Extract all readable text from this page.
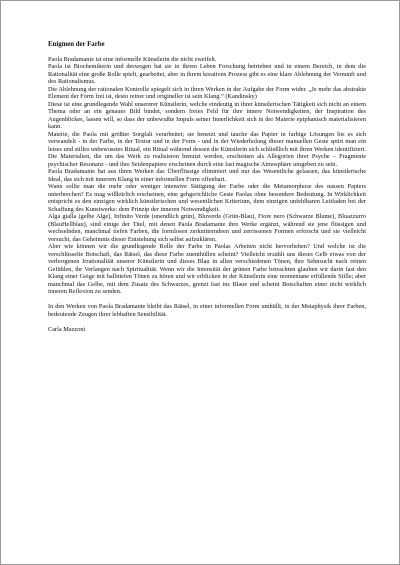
Enigmen der Farbe

Paola Bradamante ist eine informelle Künstlerin die nicht zweifelt.

Paola ist Biochemikerin und deswegen hat sie in ihrem Leben Forschung betrieben und in einem Bereich, in dem die Rationalität eine große Rolle spielt, gearbeitet, aber in ihrem kreativen Prozess gibt es eine klare Ablehnung der Vernunft und des Rationalismus.

Die Ablehnung der rationalen Kontrolle spiegelt sich in ihren Werken in der Aufgabe der Form wider. „Je mehr das abstrakte Element der Form frei ist, desto reiner und origineller ist sein Klang.” (Kandinsky)

Diese ist eine grundlegende Wahl unsererer Künstlerin, welche eindeutig in ihrer künstlerischen Tätigkeit sich nicht an einem Thema oder an ein genaues Bild bindet, sondern freies Feld für ihre innere Notwendigkeiten, der Inspiration des Augenblickes, lassen will, so dass der unbewußte Impuls seiner Innerlichkeit sich in der Materie epiphanisch materialisieren kann.

Materie, die Paola mit größter Sorgfalt verarbeitet; sie benetzt und tauche das Papier in farbige Lösungen bis es sich verwandelt - in der Farbe, in der Textur und in der Form - und in der Wiederholung dieser manuellen Geste spürt man ein leises und stilles unbewusstes Ritual, ein Ritual während dessen die Künstlerin sich schließlich mit ihren Werken identifiziert. Die Materialien, die um das Werk zu realisieren benutzt werden, erscheinen als Allegorien ihrer Psyche – Fragmente psychischer Resonanz - und ihre Seidenpapiere erscheinen durch eine fast magische Atmosphäre umgeben zu sein.

Paola Bradamante hat aus ihren Werken das Überflüssige eliminiert und nur das Wesentliche gelassen, das künstlerische Ideal, das sich mit innerem Klang in einer informellen Form offenbart.

Wann sollte man die mehr oder weniger intensive Sättigung der Farbe oder die Metamorphose des nassen Papiers unterbrechen? Es mag willkürlich erscheinen, eine gehgerichliche Geste Paolas ohne besondere Bedeutung. In Wirklichkeit entspricht es den einzigen wirklich künstlerischen und wesentlichen Kriterium, dem einzigen unfehlbaren Leitfaden bei der Schaffung des Kunstwerks: dem Prinzip der inneren Notwendigkeit.

Alga gialla (gelbe Alge), Infinito Verde (unendlich grün), Bluverde (Grün-Blau), Fiore nero (Schwarze Blume), Bluazzurro (BlauHellblau), sind einige der Titel, mit denen Paola Bradamante ihre Werke ergänzt, während sie jene flüssigen und wechselnden, manchmal tiefen Farben, die formlosen zerknitterndeen und zerrissenen Formen erforscht und sie vielleicht versucht, das Geheimnis dieser Entstehung sich selbst aufzuklären.

Aber wie können wir die grundlegende Rolle der Farbe in Paolas Arbeiten nicht hervorheben? Und welche ist die verschlüsselte Botschaft, das Rätsel, das diese Farbe zuenthüllen scheint? Vielleicht erzählt uns dieses Gelb etwas von der verborgenen Irrationalität unserer Künstlerin und dieses Blau in allen verschiedenen Tönen, ihre Sehnsucht nach reinen Gefühlen, ihr Verlangen nach Spiritualität. Wenn wir die Intensität der grünen Farbe betrachten glauben wir darin fast den Klang einer Geige mit halbtiefen Tönen zu hören und wir erblicken in der Künstlerin eine momentane erfüllende Stille; aber manchmal das Gelbe, mit dem Zusatz des Schwarzes, grenzt fast ins Blaue und scheint Botschaften einer nicht wirklich inneren Reflexion zu senden.

In den Werken von Paola Bradamante bleibt das Rätsel, in einer informellen Form umhüllt, in der Metaphysik ihrer Farben, bedeutende Zeugen ihrer lebhaften Sensibilität.

Carla Mazzoni
